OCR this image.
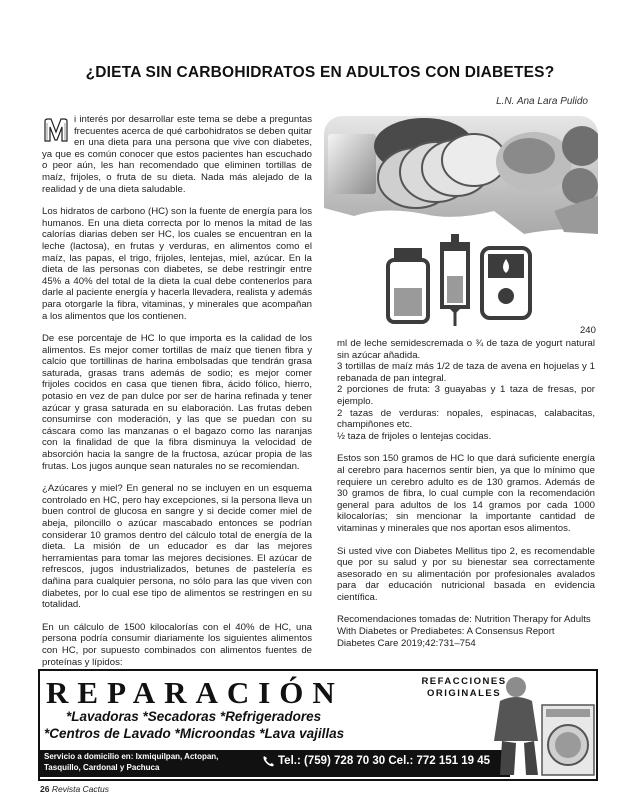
¿DIETA SIN CARBOHIDRATOS EN ADULTOS CON DIABETES?
L.N. Ana Lara Pulido

i interés por desarrollar este tema se debe a preguntas frecuentes acerca de qué carbohidratos se deben quitar en una dieta para una persona que vive con diabetes, ya que es común conocer que estos pacientes han escuchado o peor aún, les han recomendado que eliminen tortillas de maíz, frijoles, o fruta de su dieta. Nada más alejado de la realidad y de una dieta saludable.

Los hidratos de carbono (HC) son la fuente de energía para los humanos. En una dieta correcta por lo menos la mitad de las calorías diarias deben ser HC, los cuales se encuentran en la leche (lactosa), en frutas y verduras, en alimentos como el maíz, las papas, el trigo, frijoles, lentejas, miel, azúcar. En la dieta de las personas con diabetes, se debe restringir entre 45% a 40% del total de la dieta la cual debe contenerlos para darle al paciente energía y hacerla llevadera, realista y además para otorgarle la fibra, vitaminas, y minerales que acompañan a los alimentos que los contienen.

De ese porcentaje de HC lo que importa es la calidad de los alimentos. Es mejor comer tortillas de maíz que tienen fibra y calcio que tortillinas de harina embolsadas que tendrán grasa saturada, grasas trans además de sodio; es mejor comer frijoles cocidos en casa que tienen fibra, ácido fólico, hierro, potasio en vez de pan dulce por ser de harina refinada y tener azúcar y grasa saturada en su elaboración. Las frutas deben consumirse con moderación, y las que se puedan con su cáscara como las manzanas o el bagazo como las naranjas con la finalidad de que la fibra disminuya la velocidad de absorción hacia la sangre de la fructosa, azúcar propia de las frutas. Los jugos aunque sean naturales no se recomiendan.

¿Azúcares y miel? En general no se incluyen en un esquema controlado en HC, pero hay excepciones, si la persona lleva un buen control de glucosa en sangre y si decide comer miel de abeja, piloncillo o azúcar mascabado entonces se podrían considerar 10 gramos dentro del cálculo total de energía de la dieta. La misión de un educador es dar las mejores herramientas para tomar las mejores decisiones. El azúcar de refrescos, jugos industrializados, betunes de pastelería es dañina para cualquier persona, no sólo para las que viven con diabetes, por lo cual ese tipo de alimentos se restringen en su totalidad.

En un cálculo de 1500 kilocalorías con el 40% de HC, una persona podría consumir diariamente los siguientes alimentos con HC, por supuesto combinados con alimentos fuentes de proteínas y lípidos:

240

ml de leche semidescremada o ¾ de taza de yogurt natural sin azúcar añadida.
3 tortillas de maíz más 1/2 de taza de avena en hojuelas y 1 rebanada de pan integral.
2 porciones de fruta: 3 guayabas y 1 taza de fresas, por ejemplo.
2 tazas de verduras: nopales, espinacas, calabacitas, champiñones etc.
½ taza de frijoles o lentejas cocidas.

Estos son 150 gramos de HC lo que dará suficiente energía al cerebro para hacernos sentir bien, ya que lo mínimo que requiere un cerebro adulto es de 130 gramos. Además de 30 gramos de fibra, lo cual cumple con la recomendación general para adultos de los 14 gramos por cada 1000 kilocalorías; sin mencionar la importante cantidad de vitaminas y minerales que nos aportan esos alimentos.

Si usted vive con Diabetes Mellitus tipo 2, es recomendable que por su salud y por su bienestar sea correctamente asesorado en su alimentación por profesionales avalados para dar educación nutricional basada en evidencia científica.

Recomendaciones tomadas de: Nutrition Therapy for Adults With Diabetes or Prediabetes: A Consensus Report Diabetes Care 2019;42:731–754

REPARACIÓN	REFACCIONES ORIGINALES
*Lavadoras *Secadoras *Refrigeradores
*Centros de Lavado *Microondas *Lava vajillas
Servicio a domicilio en: Ixmiquilpan, Actopan, Tasquillo, Cardonal y Pachuca	Tel.: (759) 728 70 30 Cel.: 772 151 19 45
26 Revista Cactus
